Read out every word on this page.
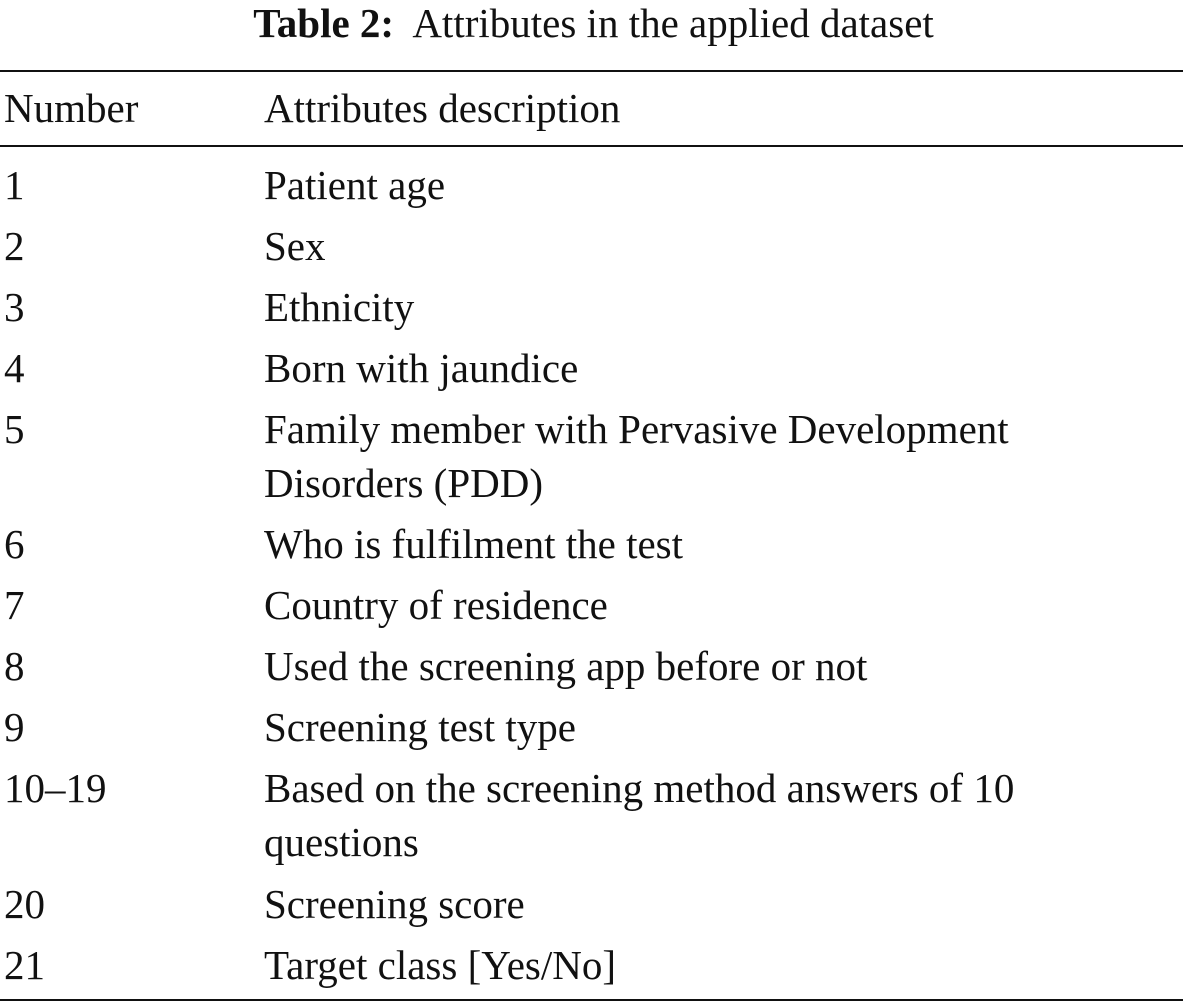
Table 2: Attributes in the applied dataset
Number	Attributes description
1	Patient age
2	Sex
3	Ethnicity
4	Born with jaundice
5	Family member with Pervasive Development Disorders (PDD)
6	Who is fulfilment the test
7	Country of residence
8	Used the screening app before or not
9	Screening test type
10–19	Based on the screening method answers of 10 questions
20	Screening score
21	Target class [Yes/No]
